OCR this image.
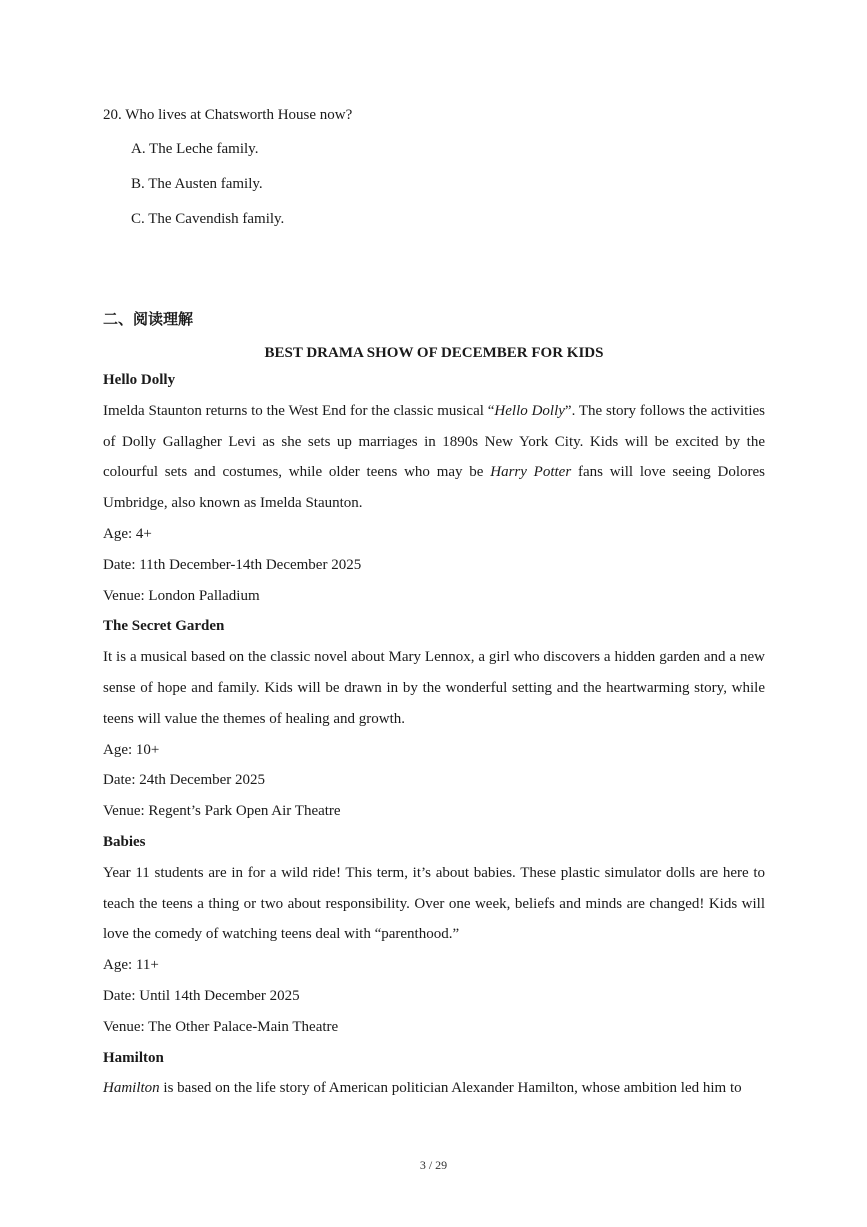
20. Who lives at Chatsworth House now?

A. The Leche family.
B. The Austen family.
C. The Cavendish family.

二、阅读理解

BEST DRAMA SHOW OF DECEMBER FOR KIDS

Hello Dolly

Imelda Staunton returns to the West End for the classic musical “Hello Dolly”. The story follows the activities of Dolly Gallagher Levi as she sets up marriages in 1890s New York City. Kids will be excited by the colourful sets and costumes, while older teens who may be Harry Potter fans will love seeing Dolores Umbridge, also known as Imelda Staunton.

Age: 4+

Date: 11th December-14th December 2025

Venue: London Palladium

The Secret Garden

It is a musical based on the classic novel about Mary Lennox, a girl who discovers a hidden garden and a new sense of hope and family. Kids will be drawn in by the wonderful setting and the heartwarming story, while teens will value the themes of healing and growth.

Age: 10+

Date: 24th December 2025

Venue: Regent’s Park Open Air Theatre

Babies

Year 11 students are in for a wild ride! This term, it’s about babies. These plastic simulator dolls are here to teach the teens a thing or two about responsibility. Over one week, beliefs and minds are changed! Kids will love the comedy of watching teens deal with “parenthood.”

Age: 11+

Date: Until 14th December 2025

Venue: The Other Palace-Main Theatre

Hamilton

Hamilton is based on the life story of American politician Alexander Hamilton, whose ambition led him to

3 / 29
